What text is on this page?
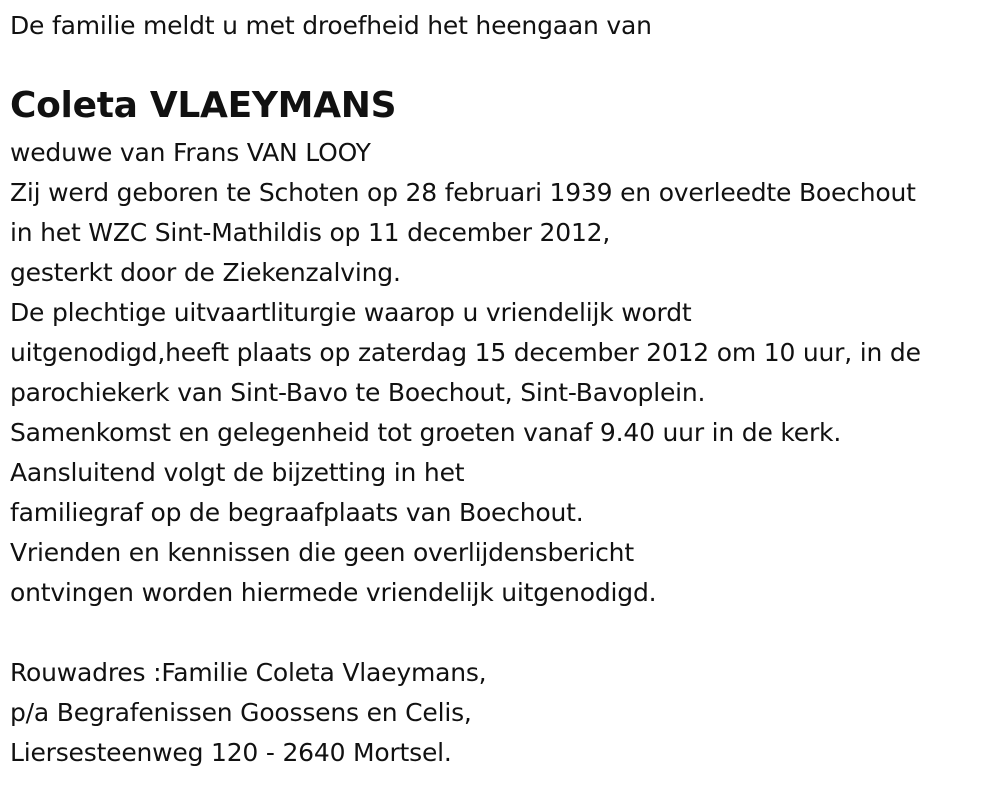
De familie meldt u met droefheid het heengaan van
Coleta VLAEYMANS
weduwe van Frans VAN LOOY
Zij werd geboren te Schoten op 28 februari 1939 en overleedte Boechout
in het WZC Sint-Mathildis op 11 december 2012,
gesterkt door de Ziekenzalving.
De plechtige uitvaartliturgie waarop u vriendelijk wordt
uitgenodigd,heeft plaats op zaterdag 15 december 2012 om 10 uur, in de
parochiekerk van Sint-Bavo te Boechout, Sint-Bavoplein.
Samenkomst en gelegenheid tot groeten vanaf 9.40 uur in de kerk.
Aansluitend volgt de bijzetting in het
familiegraf op de begraafplaats van Boechout.
Vrienden en kennissen die geen overlijdensbericht
ontvingen worden hiermede vriendelijk uitgenodigd.
Rouwadres :Familie Coleta Vlaeymans,
p/a Begrafenissen Goossens en Celis,
Liersesteenweg 120 - 2640 Mortsel.
